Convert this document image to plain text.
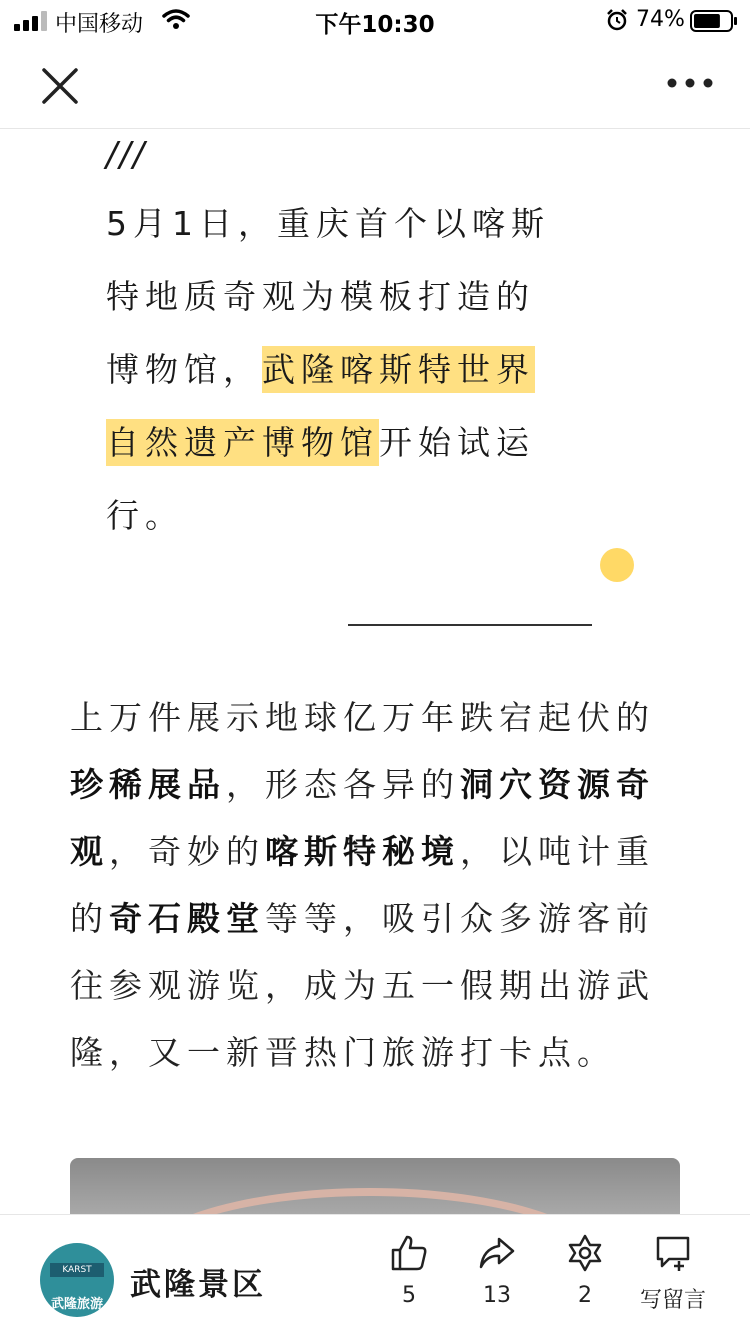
中国移动	下午10:30	74%
///
5月1日，重庆首个以喀斯特地质奇观为模板打造的博物馆，武隆喀斯特世界自然遗产博物馆开始试运行。
上万件展示地球亿万年跌宕起伏的珍稀展品，形态各异的洞穴资源奇观，奇妙的喀斯特秘境，以吨计重的奇石殿堂等等，吸引众多游客前往参观游览，成为五一假期出游武隆，又一新晋热门旅游打卡点。
KARST
武隆旅游
武隆景区	5	13	2	写留言
